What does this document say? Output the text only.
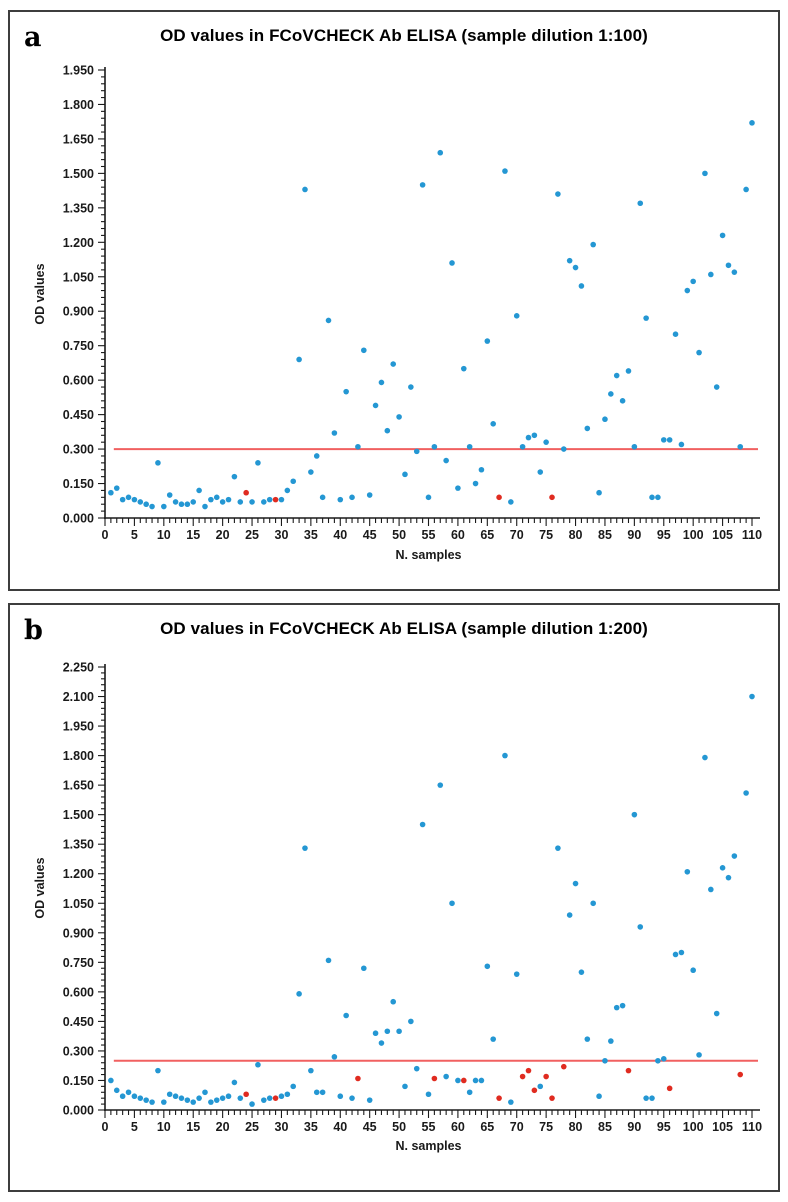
a	OD values in FCoVCHECK Ab ELISA (sample dilution 1:100)
OD values
0.000
0.150
0.300
0.450
0.600
0.750
0.900
1.050
1.200
1.350
1.500
1.650
1.800
1.950
0 5 10 15 20 25 30 35 40 45 50 55 60 65 70 75 80 85 90 95 100 105 110
N. samples
b	OD values in FCoVCHECK Ab ELISA (sample dilution 1:200)
OD values
0.000
0.150
0.300
0.450
0.600
0.750
0.900
1.050
1.200
1.350
1.500
1.650
1.800
1.950
2.100
2.250
0 5 10 15 20 25 30 35 40 45 50 55 60 65 70 75 80 85 90 95 100 105 110
N. samples
